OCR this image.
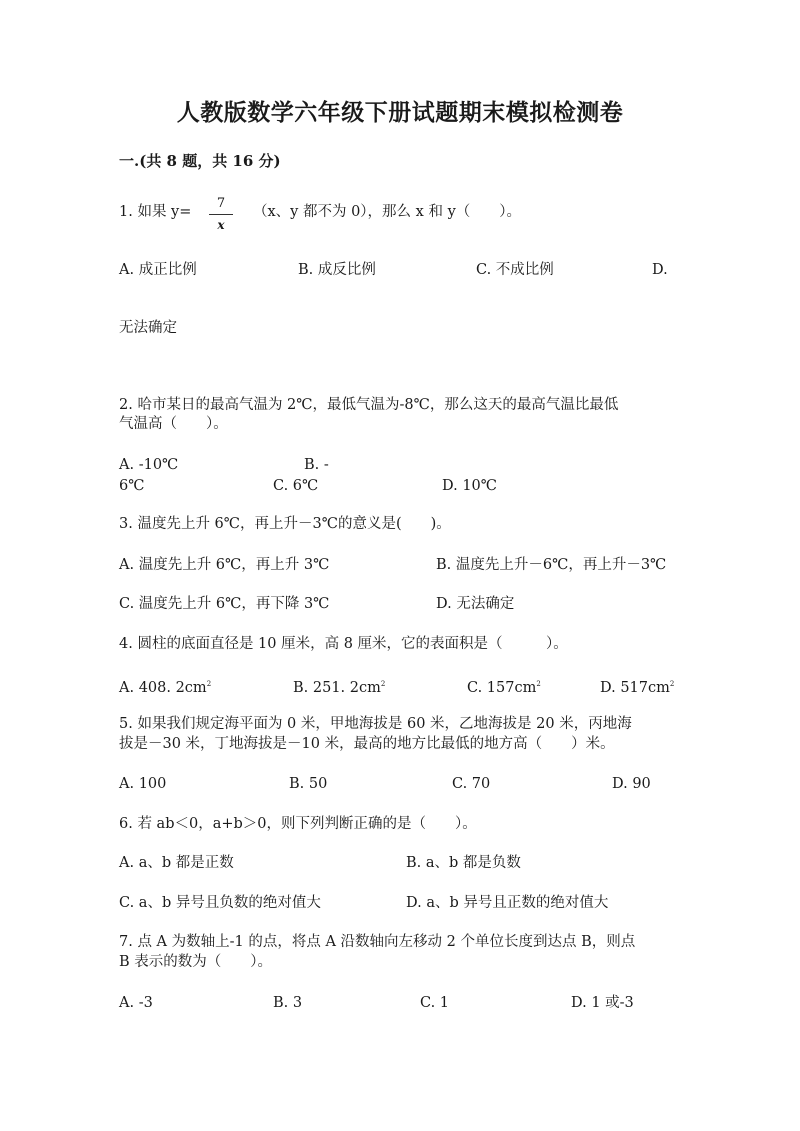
人教版数学六年级下册试题期末模拟检测卷
一.(共 8 题，共 16 分)
1. 如果 y=
7
x
（x、y 都不为 0），那么 x 和 y（　　）。
A. 成正比例	B. 成反比例	C. 不成比例	D.
无法确定
2. 哈市某日的最高气温为 2℃，最低气温为-8℃，那么这天的最高气温比最低
气温高（　　）。
A. -10℃	B. -
6℃	C. 6℃	D. 10℃
3. 温度先上升 6℃，再上升－3℃的意义是(　　)。
A. 温度先上升 6℃，再上升 3℃	B. 温度先上升－6℃，再上升－3℃
C. 温度先上升 6℃，再下降 3℃	D. 无法确定
4. 圆柱的底面直径是 10 厘米，高 8 厘米，它的表面积是（　　　）。
A. 408. $2cm^2$	B. 251. $2cm^2$	C. $157cm^2$	D. $517cm^2$
5. 如果我们规定海平面为 0 米，甲地海拔是 60 米，乙地海拔是 20 米，丙地海
拔是－30 米，丁地海拔是－10 米，最高的地方比最低的地方高（　　）米。
A. 100	B. 50	C. 70	D. 90
6. 若 ab＜0，a+b＞0，则下列判断正确的是（　　）。
A. a、b 都是正数	B. a、b 都是负数
C. a、b 异号且负数的绝对值大	D. a、b 异号且正数的绝对值大
7. 点 A 为数轴上-1 的点，将点 A 沿数轴向左移动 2 个单位长度到达点 B，则点
B 表示的数为（　　）。
A. -3	B. 3	C. 1	D. 1 或-3
